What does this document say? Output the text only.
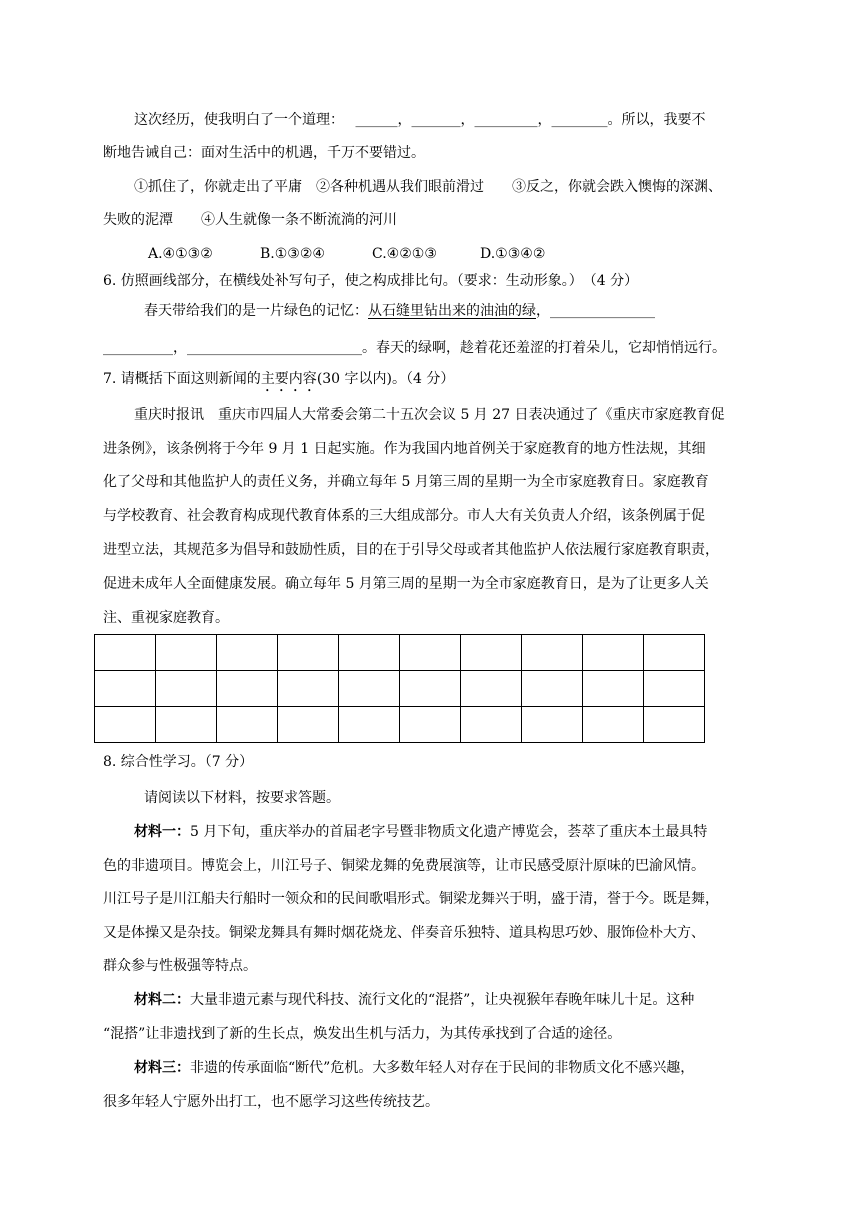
这次经历，使我明白了一个道理：　 ______，_______，_________，________。所以，我要不
断地告诫自己：面对生活中的机遇，千万不要错过。
①抓住了，你就走出了平庸　②各种机遇从我们眼前滑过　　③反之，你就会跌入懊悔的深渊、
失败的泥潭　　④人生就像一条不断流淌的河川
A.④①③②	B.①③②④	C.④②①③	D.①③④②
6. 仿照画线部分，在横线处补写句子，使之构成排比句。（要求：生动形象。）　（4 分）
春天带给我们的是一片绿色的记忆：从石缝里钻出来的油油的绿，_______________
__________，_________________________。春天的绿啊，趁着花还羞涩的打着朵儿，它却悄悄远行。
7. 请概括下面这则新闻的主要内容(30 字以内)。（4 分）
重庆时报讯　重庆市四届人大常委会第二十五次会议 5 月 27 日表决通过了《重庆市家庭教育促
进条例》，该条例将于今年 9 月 1 日起实施。作为我国内地首例关于家庭教育的地方性法规，其细
化了父母和其他监护人的责任义务，并确立每年 5 月第三周的星期一为全市家庭教育日。家庭教育
与学校教育、社会教育构成现代教育体系的三大组成部分。市人大有关负责人介绍，该条例属于促
进型立法，其规范多为倡导和鼓励性质，目的在于引导父母或者其他监护人依法履行家庭教育职责，
促进未成年人全面健康发展。确立每年 5 月第三周的星期一为全市家庭教育日，是为了让更多人关
注、重视家庭教育。

8. 综合性学习。（7 分）
请阅读以下材料，按要求答题。
材料一：5 月下旬，重庆举办的首届老字号暨非物质文化遗产博览会，荟萃了重庆本土最具特
色的非遗项目。博览会上，川江号子、铜梁龙舞的免费展演等，让市民感受原汁原味的巴渝风情。
川江号子是川江船夫行船时一领众和的民间歌唱形式。铜梁龙舞兴于明，盛于清，誉于今。既是舞，
又是体操又是杂技。铜梁龙舞具有舞时烟花烧龙、伴奏音乐独特、道具构思巧妙、服饰俭朴大方、
群众参与性极强等特点。
材料二：大量非遗元素与现代科技、流行文化的“混搭”，让央视猴年春晚年味儿十足。这种
“混搭”让非遗找到了新的生长点，焕发出生机与活力，为其传承找到了合适的途径。
材料三：非遗的传承面临“断代”危机。大多数年轻人对存在于民间的非物质文化不感兴趣，
很多年轻人宁愿外出打工，也不愿学习这些传统技艺。
